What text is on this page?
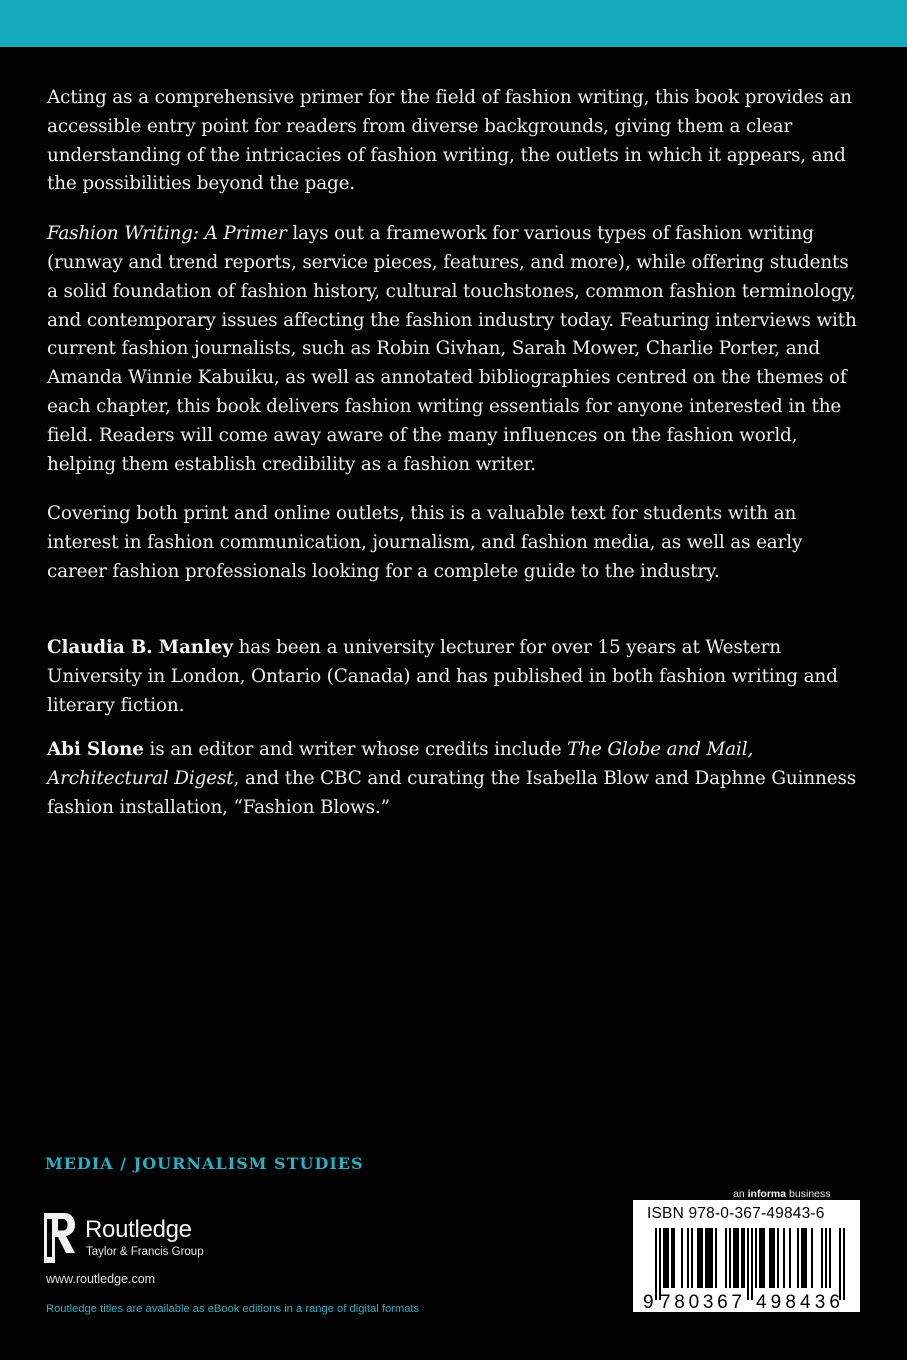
Acting as a comprehensive primer for the field of fashion writing, this book provides an accessible entry point for readers from diverse backgrounds, giving them a clear understanding of the intricacies of fashion writing, the outlets in which it appears, and the possibilities beyond the page.

Fashion Writing: A Primer lays out a framework for various types of fashion writing (runway and trend reports, service pieces, features, and more), while offering students a solid foundation of fashion history, cultural touchstones, common fashion terminology, and contemporary issues affecting the fashion industry today. Featuring interviews with current fashion journalists, such as Robin Givhan, Sarah Mower, Charlie Porter, and Amanda Winnie Kabuiku, as well as annotated bibliographies centred on the themes of each chapter, this book delivers fashion writing essentials for anyone interested in the field. Readers will come away aware of the many influences on the fashion world, helping them establish credibility as a fashion writer.

Covering both print and online outlets, this is a valuable text for students with an interest in fashion communication, journalism, and fashion media, as well as early career fashion professionals looking for a complete guide to the industry.

Claudia B. Manley has been a university lecturer for over 15 years at Western University in London, Ontario (Canada) and has published in both fashion writing and literary fiction.

Abi Slone is an editor and writer whose credits include The Globe and Mail, Architectural Digest, and the CBC and curating the Isabella Blow and Daphne Guinness fashion installation, “Fashion Blows.”

MEDIA / JOURNALISM STUDIES
Routledge
Taylor & Francis Group
www.routledge.com
Routledge titles are available as eBook editions in a range of digital formats
an informa business
ISBN 978-0-367-49843-6
9 780367 498436
